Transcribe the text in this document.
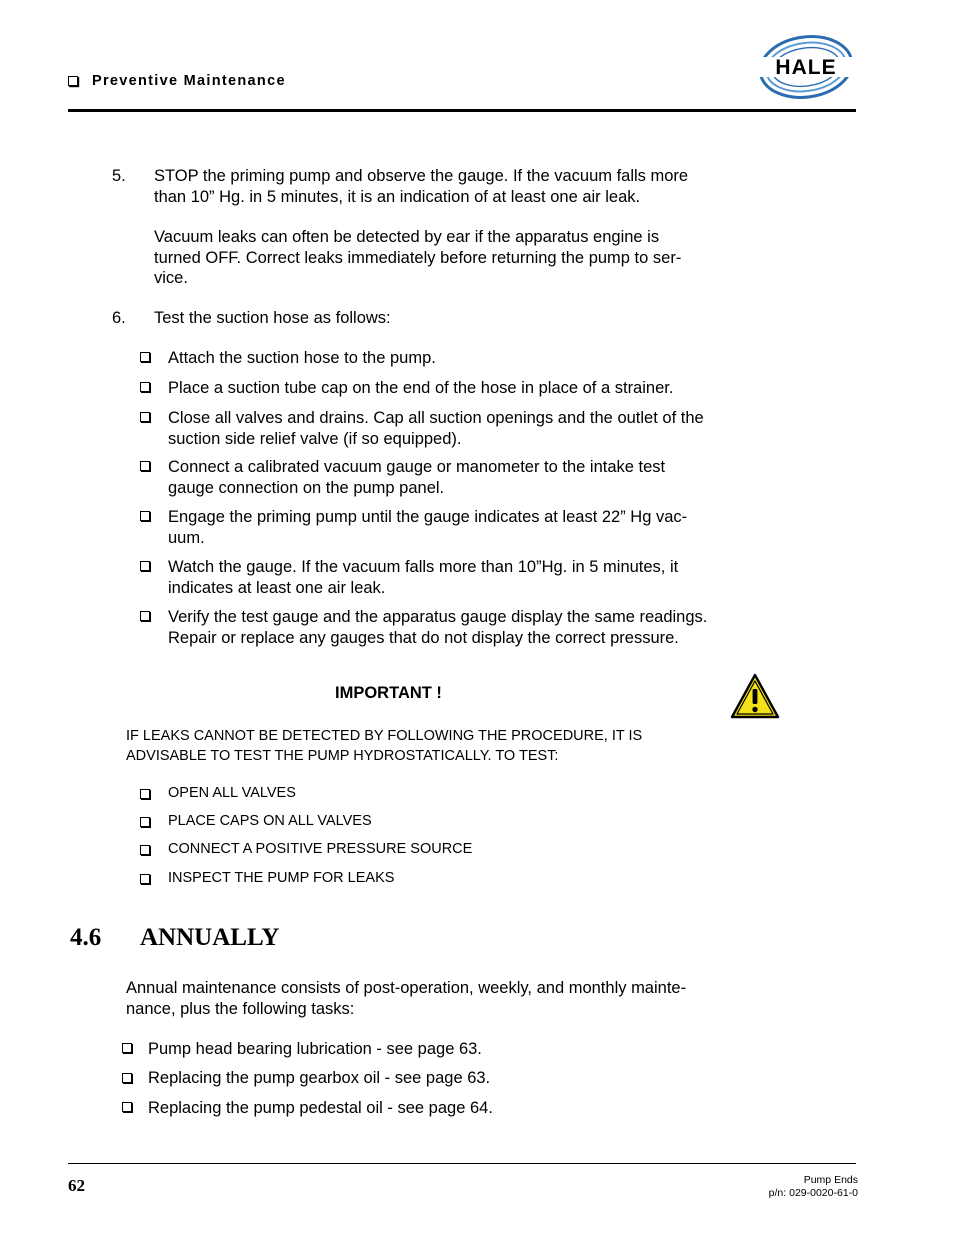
Preventive Maintenance
HALE
5. STOP the priming pump and observe the gauge. If the vacuum falls more
than 10” Hg. in 5 minutes, it is an indication of at least one air leak.
Vacuum leaks can often be detected by ear if the apparatus engine is
turned OFF. Correct leaks immediately before returning the pump to ser-
vice.
6. Test the suction hose as follows:
Attach the suction hose to the pump.
Place a suction tube cap on the end of the hose in place of a strainer.
Close all valves and drains. Cap all suction openings and the outlet of the
suction side relief valve (if so equipped).
Connect a calibrated vacuum gauge or manometer to the intake test
gauge connection on the pump panel.
Engage the priming pump until the gauge indicates at least 22” Hg vac-
uum.
Watch the gauge. If the vacuum falls more than 10”Hg. in 5 minutes, it
indicates at least one air leak.
Verify the test gauge and the apparatus gauge display the same readings.
Repair or replace any gauges that do not display the correct pressure.
IMPORTANT !
IF LEAKS CANNOT BE DETECTED BY FOLLOWING THE PROCEDURE, IT IS
ADVISABLE TO TEST THE PUMP HYDROSTATICALLY. TO TEST:
OPEN ALL VALVES
PLACE CAPS ON ALL VALVES
CONNECT A POSITIVE PRESSURE SOURCE
INSPECT THE PUMP FOR LEAKS
4.6 ANNUALLY
Annual maintenance consists of post-operation, weekly, and monthly mainte-
nance, plus the following tasks:
Pump head bearing lubrication - see page 63.
Replacing the pump gearbox oil - see page 63.
Replacing the pump pedestal oil - see page 64.
62	Pump Ends
p/n: 029-0020-61-0
